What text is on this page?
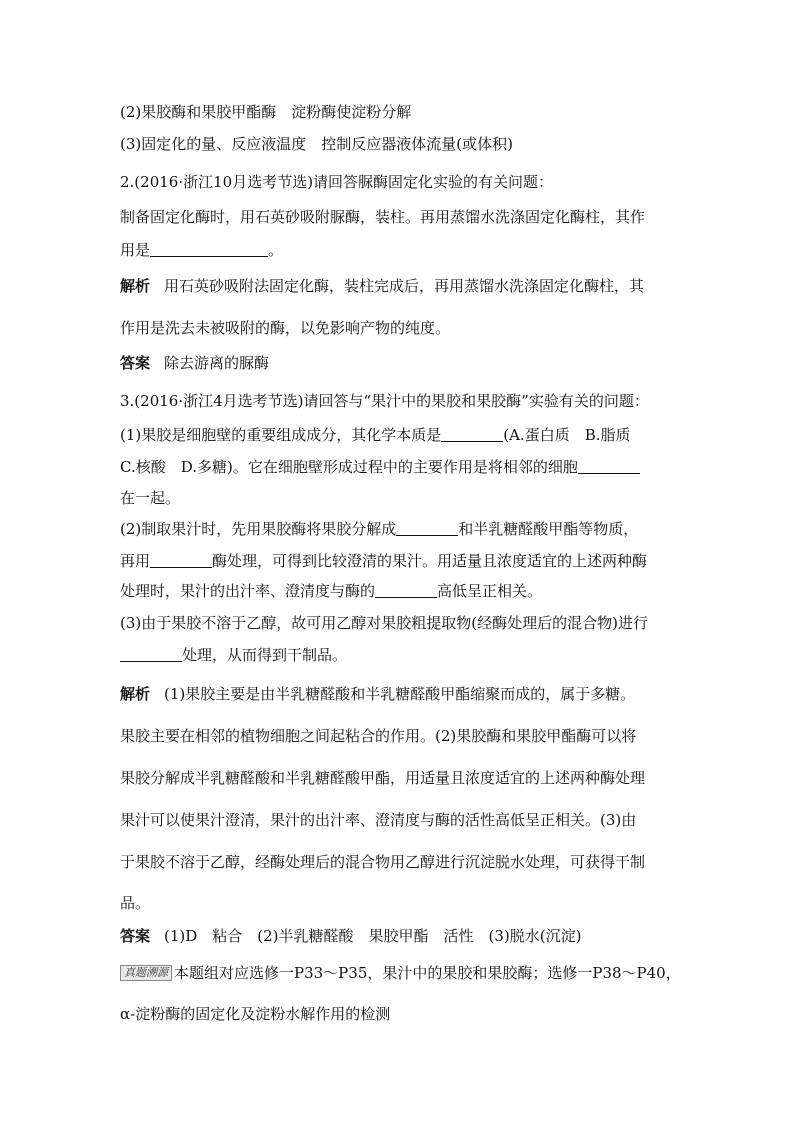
(2)果胶酶和果胶甲酯酶　淀粉酶使淀粉分解
(3)固定化的量、反应液温度　控制反应器液体流量(或体积)
2.(2016·浙江10月选考节选)请回答脲酶固定化实验的有关问题：
制备固定化酶时，用石英砂吸附脲酶，装柱。再用蒸馏水洗涤固定化酶柱，其作
用是	。
解析 用石英砂吸附法固定化酶，装柱完成后，再用蒸馏水洗涤固定化酶柱，其
作用是洗去未被吸附的酶，以免影响产物的纯度。
答案 除去游离的脲酶
3.(2016·浙江4月选考节选)请回答与“果汁中的果胶和果胶酶”实验有关的问题：
(1)果胶是细胞壁的重要组成成分，其化学本质是	(A.蛋白质　B.脂质
C.核酸　D.多糖)。它在细胞壁形成过程中的主要作用是将相邻的细胞
在一起。
(2)制取果汁时，先用果胶酶将果胶分解成	和半乳糖醛酸甲酯等物质，
再用	酶处理，可得到比较澄清的果汁。用适量且浓度适宜的上述两种酶
处理时，果汁的出汁率、澄清度与酶的	高低呈正相关。
(3)由于果胶不溶于乙醇，故可用乙醇对果胶粗提取物(经酶处理后的混合物)进行
处理，从而得到干制品。
解析 (1)果胶主要是由半乳糖醛酸和半乳糖醛酸甲酯缩聚而成的，属于多糖。
果胶主要在相邻的植物细胞之间起粘合的作用。(2)果胶酶和果胶甲酯酶可以将
果胶分解成半乳糖醛酸和半乳糖醛酸甲酯，用适量且浓度适宜的上述两种酶处理
果汁可以使果汁澄清，果汁的出汁率、澄清度与酶的活性高低呈正相关。(3)由
于果胶不溶于乙醇，经酶处理后的混合物用乙醇进行沉淀脱水处理，可获得干制
品。
答案 (1)D　粘合　(2)半乳糖醛酸　果胶甲酯　活性　(3)脱水(沉淀)
真题溯源 本题组对应选修一P33～P35，果汁中的果胶和果胶酶；选修一P38～P40，
α-淀粉酶的固定化及淀粉水解作用的检测
